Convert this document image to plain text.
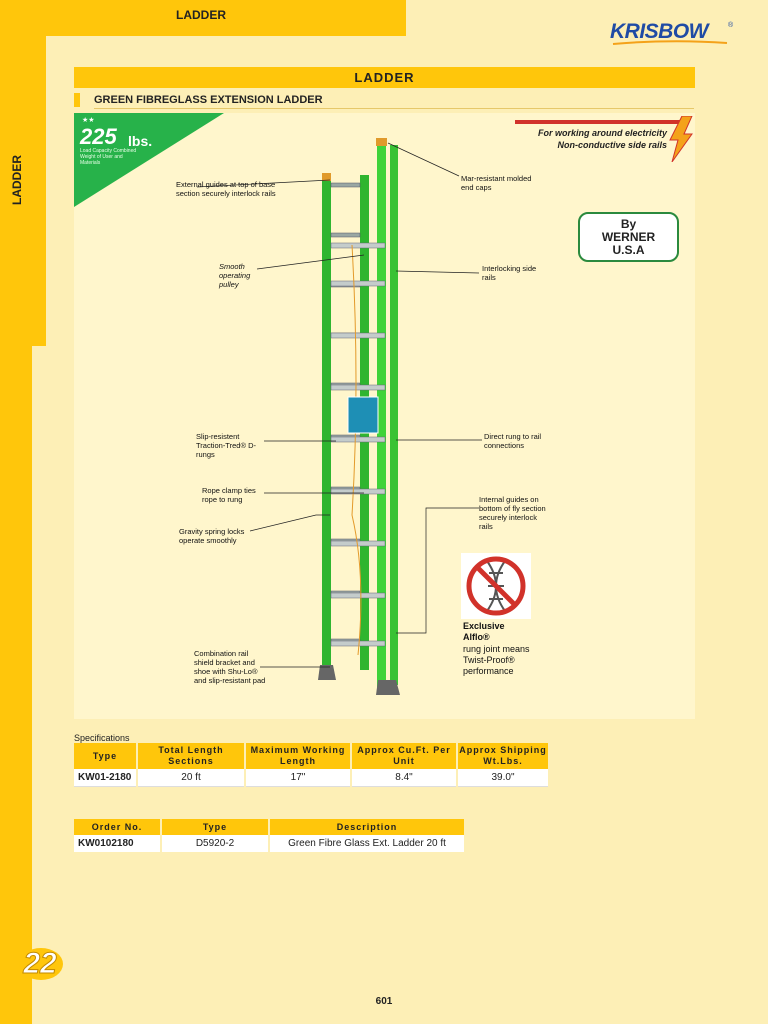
LADDER
LADDER
KRISBOW	®
LADDER
GREEN FIBREGLASS EXTENSION LADDER
★★
225 lbs.
Load Capacity Combined Weight of User and Materials
For working around electricity
Non-conductive side rails
By
WERNER
U.S.A
External guides at top of base section securely interlock rails
Mar-resistant molded end caps
Smooth operating pulley
Interlocking side rails
Slip-resistent Traction-Tred® D-rungs
Direct rung to rail connections
Rope clamp ties rope to rung	Internal guides on bottom of fly section securely interlock rails
Gravity spring locks operate smoothly
Combination rail shield bracket and shoe with Shu-Lo® and slip-resistant pad
Exclusive Alflo®
rung joint means Twist-Proof® performance
Specifications
Type	Total Length Sections	Maximum Working Length	Approx Cu.Ft. Per Unit	Approx Shipping Wt.Lbs.
KW01-2180	20 ft	17"	8.4"	39.0"
Order No.	Type	Description
KW0102180	D5920-2	Green Fibre Glass Ext. Ladder 20 ft
22
601
